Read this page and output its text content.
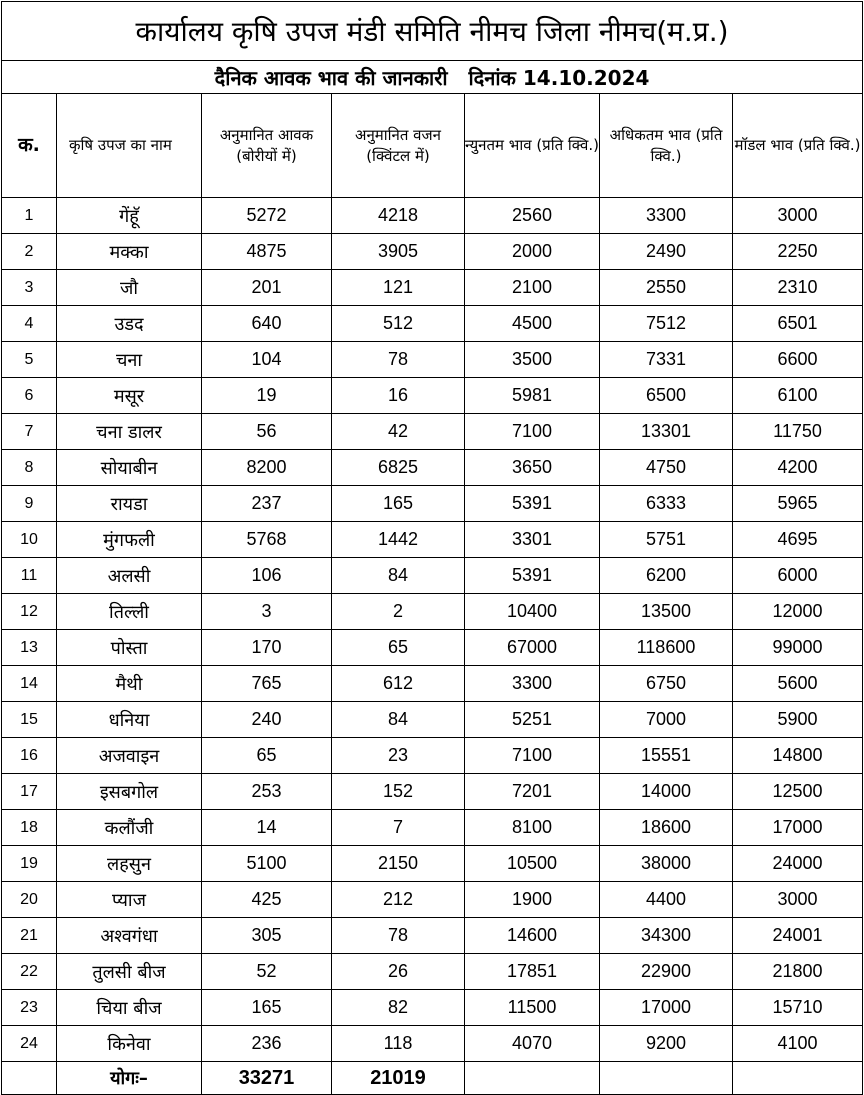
कार्यालय कृषि उपज मंडी समिति नीमच जिला नीमच(म.प्र.)						
दैनिक आवक भाव की जानकारी   दिनांक 14.10.2024						
क.	कृषि उपज का नाम	अनुमानित आवक (बोरीयों में)	अनुमानित वजन (क्विंटल में)	न्युनतम भाव (प्रति क्वि.)	अधिकतम भाव (प्रति क्वि.)	मॉडल भाव (प्रति क्वि.)
1	गेंहॅू	5272	4218	2560	3300	3000
2	मक्का	4875	3905	2000	2490	2250
3	जौ	201	121	2100	2550	2310
4	उडद	640	512	4500	7512	6501
5	चना	104	78	3500	7331	6600
6	मसूर	19	16	5981	6500	6100
7	चना डालर	56	42	7100	13301	11750
8	सोयाबीन	8200	6825	3650	4750	4200
9	रायडा	237	165	5391	6333	5965
10	मुंगफली	5768	1442	3301	5751	4695
11	अलसी	106	84	5391	6200	6000
12	तिल्ली	3	2	10400	13500	12000
13	पोस्ता	170	65	67000	118600	99000
14	मैथी	765	612	3300	6750	5600
15	धनिया	240	84	5251	7000	5900
16	अजवाइन	65	23	7100	15551	14800
17	इसबगोल	253	152	7201	14000	12500
18	कलौंजी	14	7	8100	18600	17000
19	लहसुन	5100	2150	10500	38000	24000
20	प्याज	425	212	1900	4400	3000
21	अश्वगंधा	305	78	14600	34300	24001
22	तुलसी बीज	52	26	17851	22900	21800
23	चिया बीज	165	82	11500	17000	15710
24	किनेवा	236	118	4070	9200	4100
	योगः–	33271	21019			
